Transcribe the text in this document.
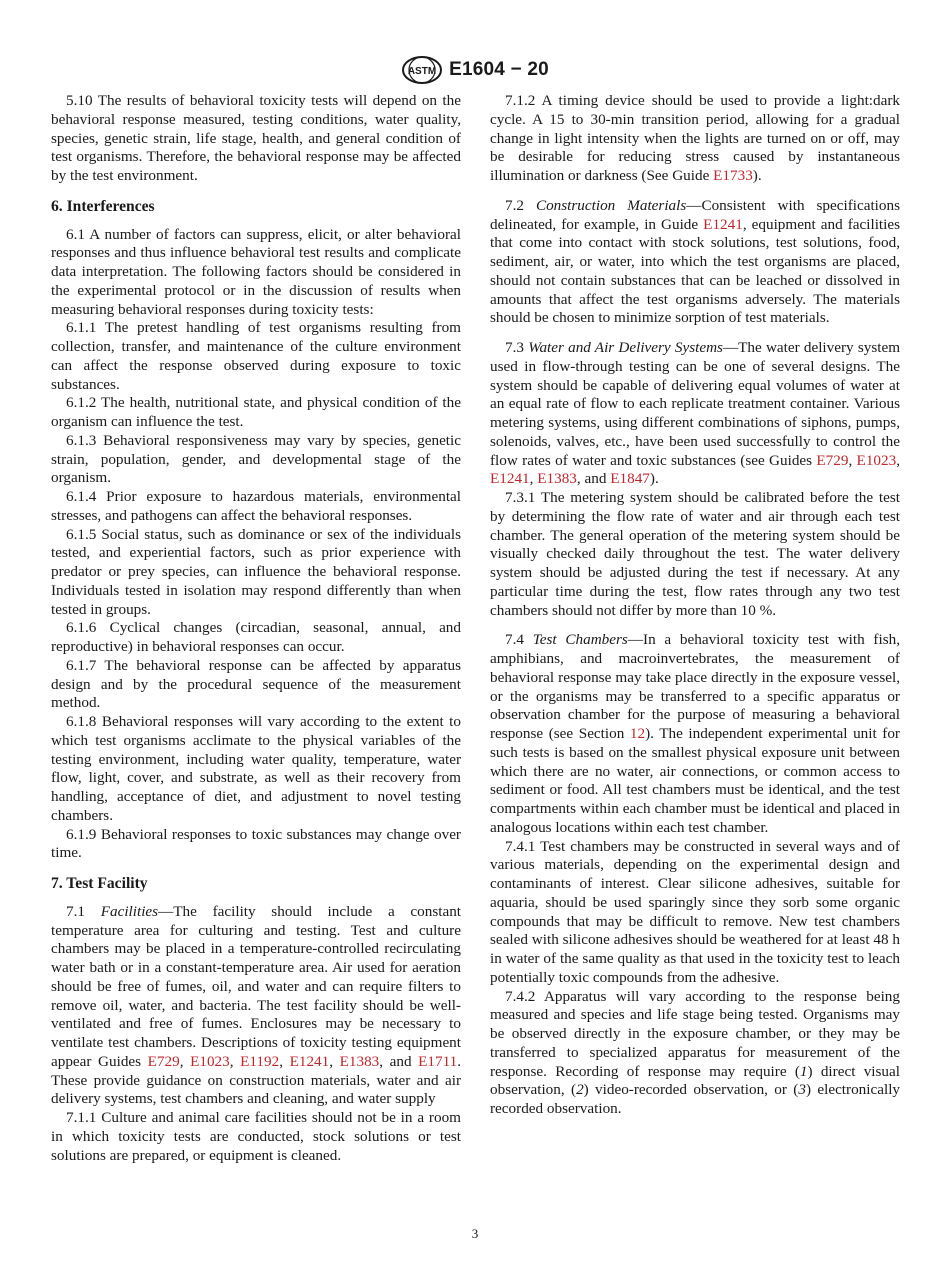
ASTM E1604 − 20

5.10 The results of behavioral toxicity tests will depend on the behavioral response measured, testing conditions, water quality, species, genetic strain, life stage, health, and general condition of test organisms. Therefore, the behavioral response may be affected by the test environment.

6. Interferences

6.1 A number of factors can suppress, elicit, or alter behavioral responses and thus influence behavioral test results and complicate data interpretation. The following factors should be considered in the experimental protocol or in the discussion of results when measuring behavioral responses during toxicity tests:

6.1.1 The pretest handling of test organisms resulting from collection, transfer, and maintenance of the culture environment can affect the response observed during exposure to toxic substances.

6.1.2 The health, nutritional state, and physical condition of the organism can influence the test.

6.1.3 Behavioral responsiveness may vary by species, genetic strain, population, gender, and developmental stage of the organism.

6.1.4 Prior exposure to hazardous materials, environmental stresses, and pathogens can affect the behavioral responses.

6.1.5 Social status, such as dominance or sex of the individuals tested, and experiential factors, such as prior experience with predator or prey species, can influence the behavioral response. Individuals tested in isolation may respond differently than when tested in groups.

6.1.6 Cyclical changes (circadian, seasonal, annual, and reproductive) in behavioral responses can occur.

6.1.7 The behavioral response can be affected by apparatus design and by the procedural sequence of the measurement method.

6.1.8 Behavioral responses will vary according to the extent to which test organisms acclimate to the physical variables of the testing environment, including water quality, temperature, water flow, light, cover, and substrate, as well as their recovery from handling, acceptance of diet, and adjustment to novel testing chambers.

6.1.9 Behavioral responses to toxic substances may change over time.

7. Test Facility

7.1 Facilities—The facility should include a constant temperature area for culturing and testing. Test and culture chambers may be placed in a temperature-controlled recirculating water bath or in a constant-temperature area. Air used for aeration should be free of fumes, oil, and water and can require filters to remove oil, water, and bacteria. The test facility should be well-ventilated and free of fumes. Enclosures may be necessary to ventilate test chambers. Descriptions of toxicity testing equipment appear Guides E729, E1023, E1192, E1241, E1383, and E1711. These provide guidance on construction materials, water and air delivery systems, test chambers and cleaning, and water supply

7.1.1 Culture and animal care facilities should not be in a room in which toxicity tests are conducted, stock solutions or test solutions are prepared, or equipment is cleaned.

7.1.2 A timing device should be used to provide a light:dark cycle. A 15 to 30-min transition period, allowing for a gradual change in light intensity when the lights are turned on or off, may be desirable for reducing stress caused by instantaneous illumination or darkness (See Guide E1733).

7.2 Construction Materials—Consistent with specifications delineated, for example, in Guide E1241, equipment and facilities that come into contact with stock solutions, test solutions, food, sediment, air, or water, into which the test organisms are placed, should not contain substances that can be leached or dissolved in amounts that affect the test organisms adversely. The materials should be chosen to minimize sorption of test materials.

7.3 Water and Air Delivery Systems—The water delivery system used in flow-through testing can be one of several designs. The system should be capable of delivering equal volumes of water at an equal rate of flow to each replicate treatment container. Various metering systems, using different combinations of siphons, pumps, solenoids, valves, etc., have been used successfully to control the flow rates of water and toxic substances (see Guides E729, E1023, E1241, E1383, and E1847).

7.3.1 The metering system should be calibrated before the test by determining the flow rate of water and air through each test chamber. The general operation of the metering system should be visually checked daily throughout the test. The water delivery system should be adjusted during the test if necessary. At any particular time during the test, flow rates through any two test chambers should not differ by more than 10 %.

7.4 Test Chambers—In a behavioral toxicity test with fish, amphibians, and macroinvertebrates, the measurement of behavioral response may take place directly in the exposure vessel, or the organisms may be transferred to a specific apparatus or observation chamber for the purpose of measuring a behavioral response (see Section 12). The independent experimental unit for such tests is based on the smallest physical exposure unit between which there are no water, air connections, or common access to sediment or food. All test chambers must be identical, and the test compartments within each chamber must be identical and placed in analogous locations within each test chamber.

7.4.1 Test chambers may be constructed in several ways and of various materials, depending on the experimental design and contaminants of interest. Clear silicone adhesives, suitable for aquaria, should be used sparingly since they sorb some organic compounds that may be difficult to remove. New test chambers sealed with silicone adhesives should be weathered for at least 48 h in water of the same quality as that used in the toxicity test to leach potentially toxic compounds from the adhesive.

7.4.2 Apparatus will vary according to the response being measured and species and life stage being tested. Organisms may be observed directly in the exposure chamber, or they may be transferred to specialized apparatus for measurement of the response. Recording of response may require (1) direct visual observation, (2) video-recorded observation, or (3) electronically recorded observation.

3
